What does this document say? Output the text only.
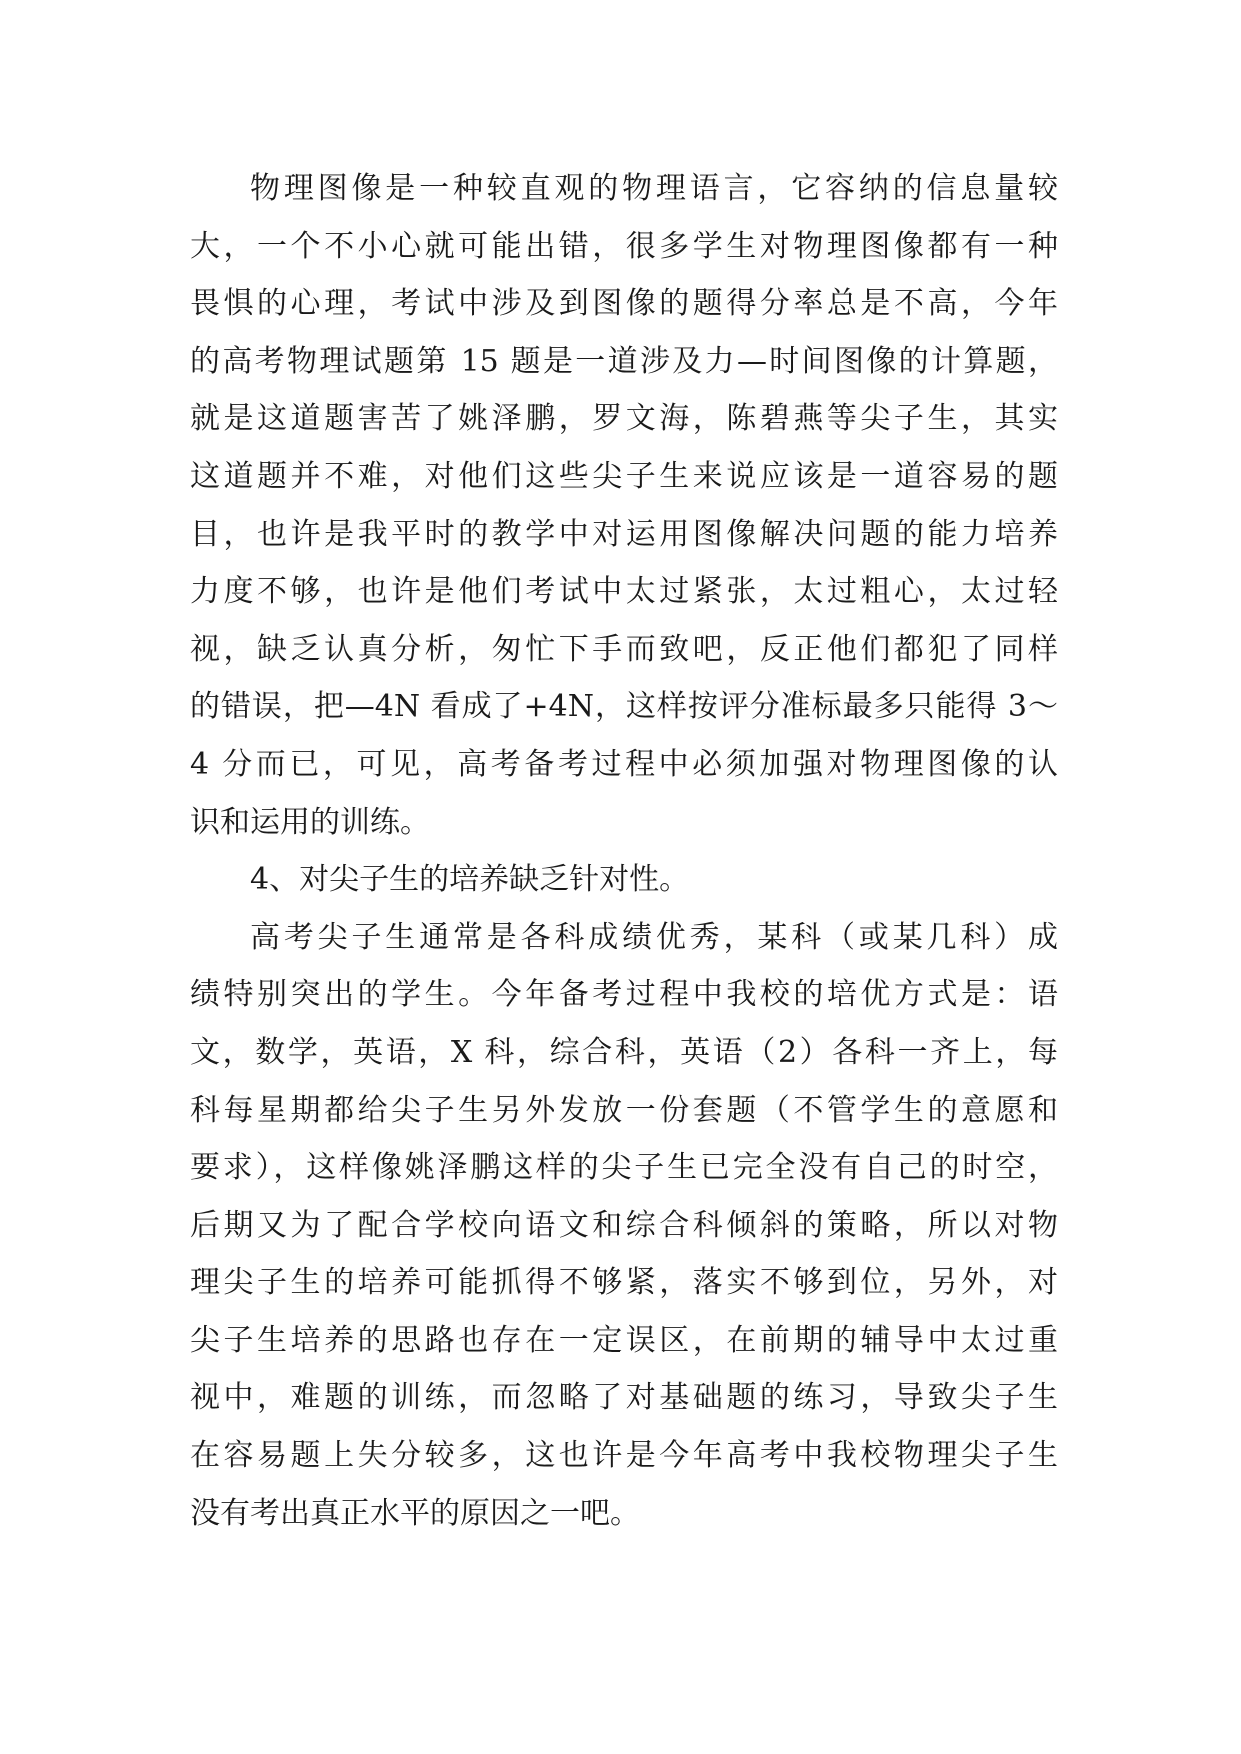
物理图像是一种较直观的物理语言，它容纳的信息量较
大，一个不小心就可能出错，很多学生对物理图像都有一种
畏惧的心理，考试中涉及到图像的题得分率总是不高，今年
的高考物理试题第 15 题是一道涉及力—时间图像的计算题，
就是这道题害苦了姚泽鹏，罗文海，陈碧燕等尖子生，其实
这道题并不难，对他们这些尖子生来说应该是一道容易的题
目，也许是我平时的教学中对运用图像解决问题的能力培养
力度不够，也许是他们考试中太过紧张，太过粗心，太过轻
视，缺乏认真分析，匆忙下手而致吧，反正他们都犯了同样
的错误，把—4N 看成了+4N，这样按评分准标最多只能得 3～
4 分而已，可见，高考备考过程中必须加强对物理图像的认
识和运用的训练。
4、对尖子生的培养缺乏针对性。
高考尖子生通常是各科成绩优秀，某科（或某几科）成
绩特别突出的学生。今年备考过程中我校的培优方式是：语
文，数学，英语，X 科，综合科，英语（2）各科一齐上，每
科每星期都给尖子生另外发放一份套题（不管学生的意愿和
要求），这样像姚泽鹏这样的尖子生已完全没有自己的时空，
后期又为了配合学校向语文和综合科倾斜的策略，所以对物
理尖子生的培养可能抓得不够紧，落实不够到位，另外，对
尖子生培养的思路也存在一定误区，在前期的辅导中太过重
视中，难题的训练，而忽略了对基础题的练习，导致尖子生
在容易题上失分较多，这也许是今年高考中我校物理尖子生
没有考出真正水平的原因之一吧。
